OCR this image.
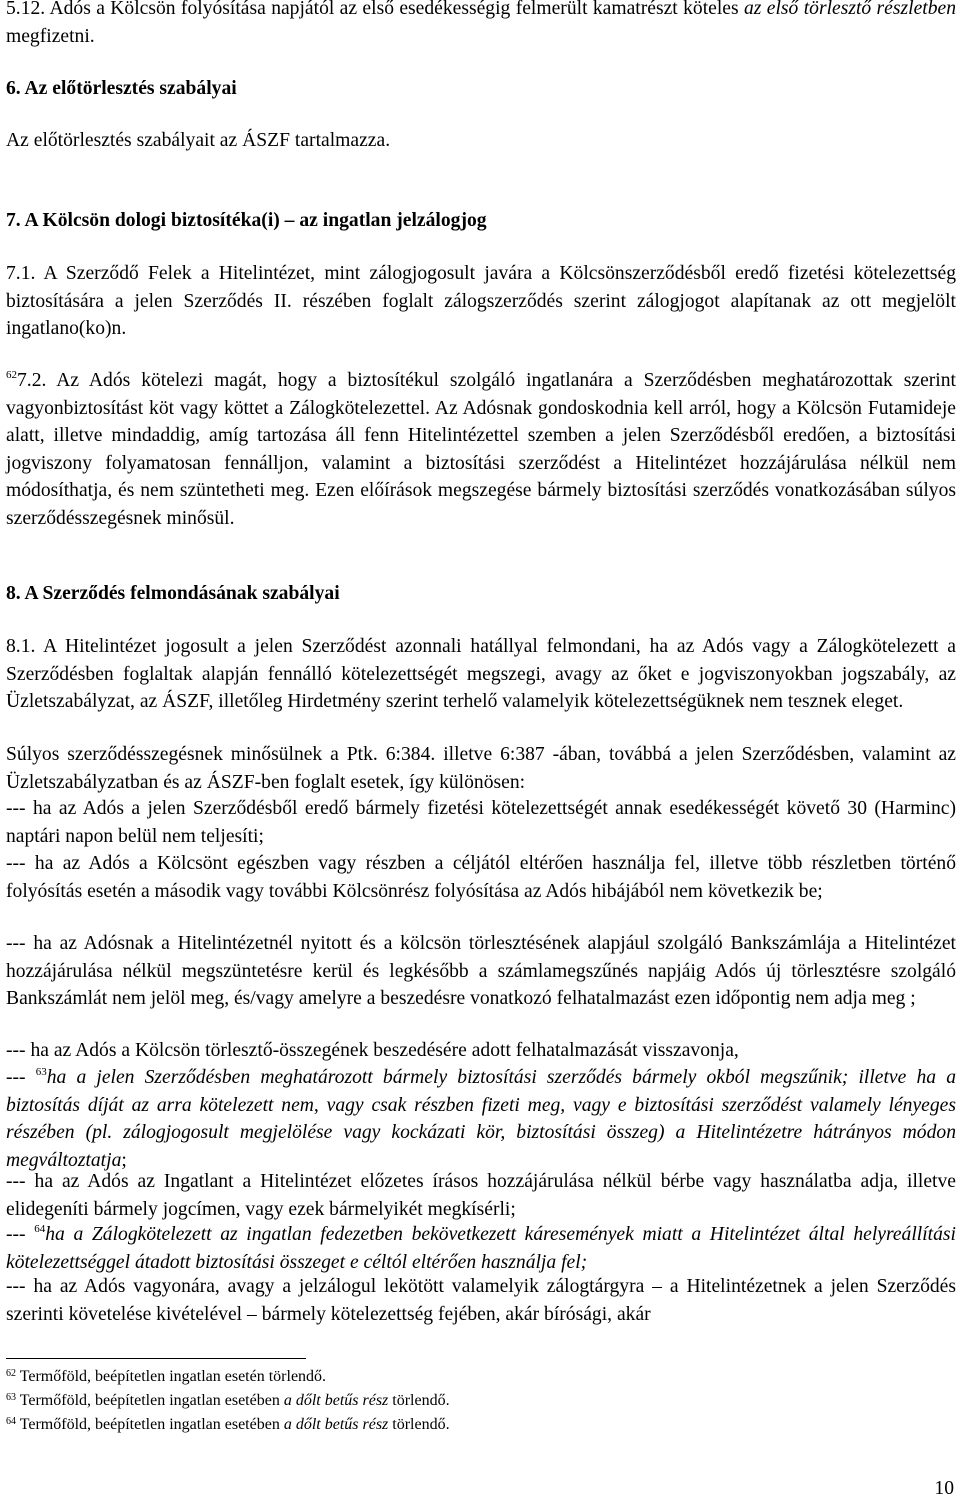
5.12. Adós a Kölcsön folyósítása napjától az első esedékességig felmerült kamatrészt köteles az első törlesztő részletben megfizetni.

6. Az előtörlesztés szabályai

Az előtörlesztés szabályait az ÁSZF tartalmazza.

7. A Kölcsön dologi biztosítéka(i) – az ingatlan jelzálogjog

7.1. A Szerződő Felek a Hitelintézet, mint zálogjogosult javára a Kölcsönszerződésből eredő fizetési kötelezettség biztosítására a jelen Szerződés II. részében foglalt zálogszerződés szerint zálogjogot alapítanak az ott megjelölt ingatlano(ko)n.

$^{62}$7.2. Az Adós kötelezi magát, hogy a biztosítékul szolgáló ingatlanára a Szerződésben meghatározottak szerint vagyonbiztosítást köt vagy köttet a Zálogkötelezettel. Az Adósnak gondoskodnia kell arról, hogy a Kölcsön Futamideje alatt, illetve mindaddig, amíg tartozása áll fenn Hitelintézettel szemben a jelen Szerződésből eredően, a biztosítási jogviszony folyamatosan fennálljon, valamint a biztosítási szerződést a Hitelintézet hozzájárulása nélkül nem módosíthatja, és nem szüntetheti meg. Ezen előírások megszegése bármely biztosítási szerződés vonatkozásában súlyos szerződésszegésnek minősül.

8. A Szerződés felmondásának szabályai

8.1. A Hitelintézet jogosult a jelen Szerződést azonnali hatállyal felmondani, ha az Adós vagy a Zálogkötelezett a Szerződésben foglaltak alapján fennálló kötelezettségét megszegi, avagy az őket e jogviszonyokban jogszabály, az Üzletszabályzat, az ÁSZF, illetőleg Hirdetmény szerint terhelő valamelyik kötelezettségüknek nem tesznek eleget.

Súlyos szerződésszegésnek minősülnek a Ptk. 6:384. illetve 6:387 -ában, továbbá a jelen Szerződésben, valamint az Üzletszabályzatban és az ÁSZF-ben foglalt esetek, így különösen:

--- ha az Adós a jelen Szerződésből eredő bármely fizetési kötelezettségét annak esedékességét követő 30 (Harminc) naptári napon belül nem teljesíti;

--- ha az Adós a Kölcsönt egészben vagy részben a céljától eltérően használja fel, illetve több részletben történő folyósítás esetén a második vagy további Kölcsönrész folyósítása az Adós hibájából nem következik be;

--- ha az Adósnak a Hitelintézetnél nyitott és a kölcsön törlesztésének alapjául szolgáló Bankszámlája a Hitelintézet hozzájárulása nélkül megszüntetésre kerül és legkésőbb a számlamegszűnés napjáig Adós új törlesztésre szolgáló Bankszámlát nem jelöl meg, és/vagy amelyre a beszedésre vonatkozó felhatalmazást ezen időpontig nem adja meg ;

--- ha az Adós a Kölcsön törlesztő-összegének beszedésére adott felhatalmazását visszavonja,

--- $^{63}$ha a jelen Szerződésben meghatározott bármely biztosítási szerződés bármely okból megszűnik; illetve ha a biztosítás díját az arra kötelezett nem, vagy csak részben fizeti meg, vagy e biztosítási szerződést valamely lényeges részében (pl. zálogjogosult megjelölése vagy kockázati kör, biztosítási összeg) a Hitelintézetre hátrányos módon megváltoztatja;

--- ha az Adós az Ingatlant a Hitelintézet előzetes írásos hozzájárulása nélkül bérbe vagy használatba adja, illetve elidegeníti bármely jogcímen, vagy ezek bármelyikét megkísérli;

--- $^{64}$ha a Zálogkötelezett az ingatlan fedezetben bekövetkezett káresemények miatt a Hitelintézet által helyreállítási kötelezettséggel átadott biztosítási összeget e céltól eltérően használja fel;

--- ha az Adós vagyonára, avagy a jelzálogul lekötött valamelyik zálogtárgyra – a Hitelintézetnek a jelen Szerződés szerinti követelése kivételével – bármely kötelezettség fejében, akár bírósági, akár

$^{62}$ Termőföld, beépítetlen ingatlan esetén törlendő.
$^{63}$ Termőföld, beépítetlen ingatlan esetében a dőlt betűs rész törlendő.
$^{64}$ Termőföld, beépítetlen ingatlan esetében a dőlt betűs rész törlendő.
10
